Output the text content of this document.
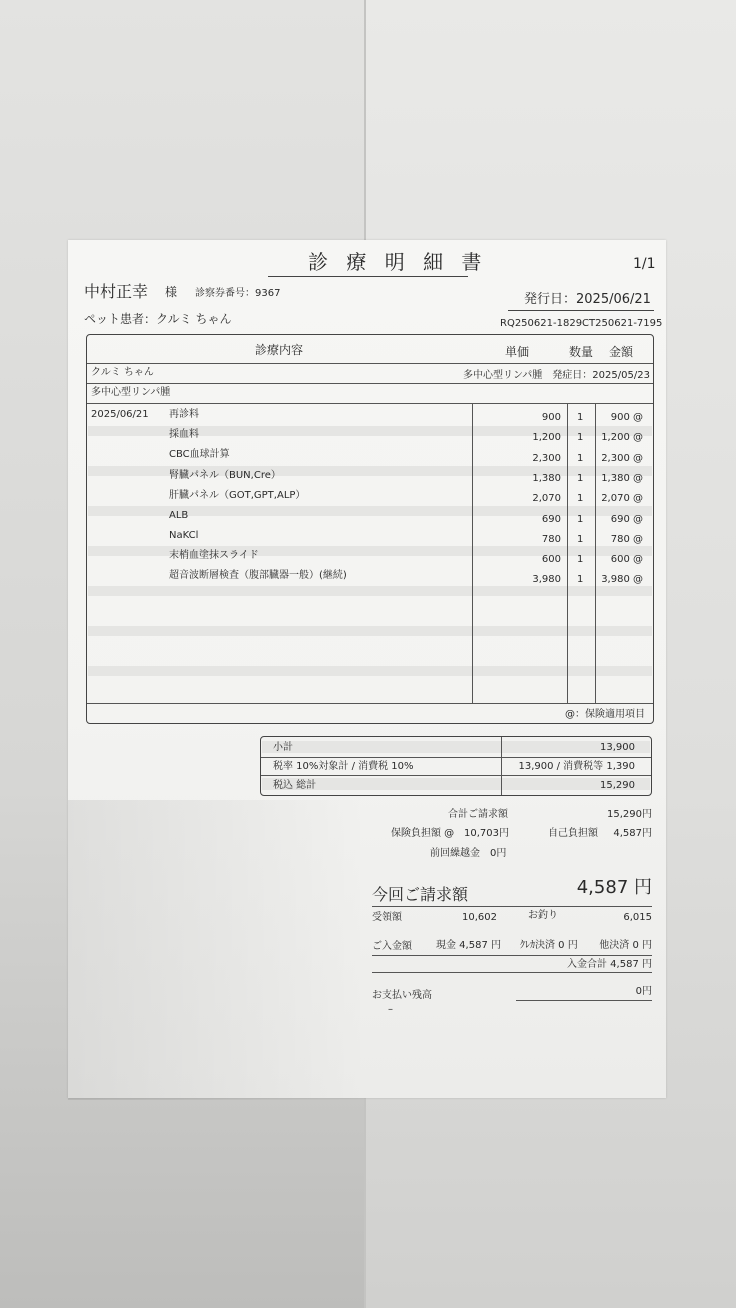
診 療 明 細 書	1/1
中村正幸 様 診察券番号：9367	発行日：2025/06/21
ペット患者：クルミ ちゃん	RQ250621-1829CT250621-7195
診療内容	単価	数量 金額
クルミ ちゃん	多中心型リンパ腫　発症日：2025/05/23
多中心型リンパ腫
2025/06/21 再診料	900 1	900 @
採血料	1,200 1 1,200 @
CBC血球計算	2,300 1 2,300 @
腎臓パネル（BUN,Cre）	1,380 1 1,380 @
肝臓パネル（GOT,GPT,ALP）	2,070 1 2,070 @
ALB	690 1	690 @
NaKCl	780 1	780 @
末梢血塗抹スライド	600 1	600 @
超音波断層検査（腹部臓器一般）(継続)	3,980 1 3,980 @
@：保険適用項目
小計	13,900
税率 10%対象計 / 消費税 10%	13,900 / 消費税等 1,390
税込 総計	15,290
合計ご請求額	15,290円
保険負担額 @ 10,703円	自己負担額 4,587円
前回繰越金 0円
今回ご請求額	4,587 円
受領額	10,602	お釣り	6,015
ご入金額 現金 4,587 円 ｸﾚｶ決済 0 円 他決済 0 円
入金合計 4,587 円
お支払い残高	0円
–
